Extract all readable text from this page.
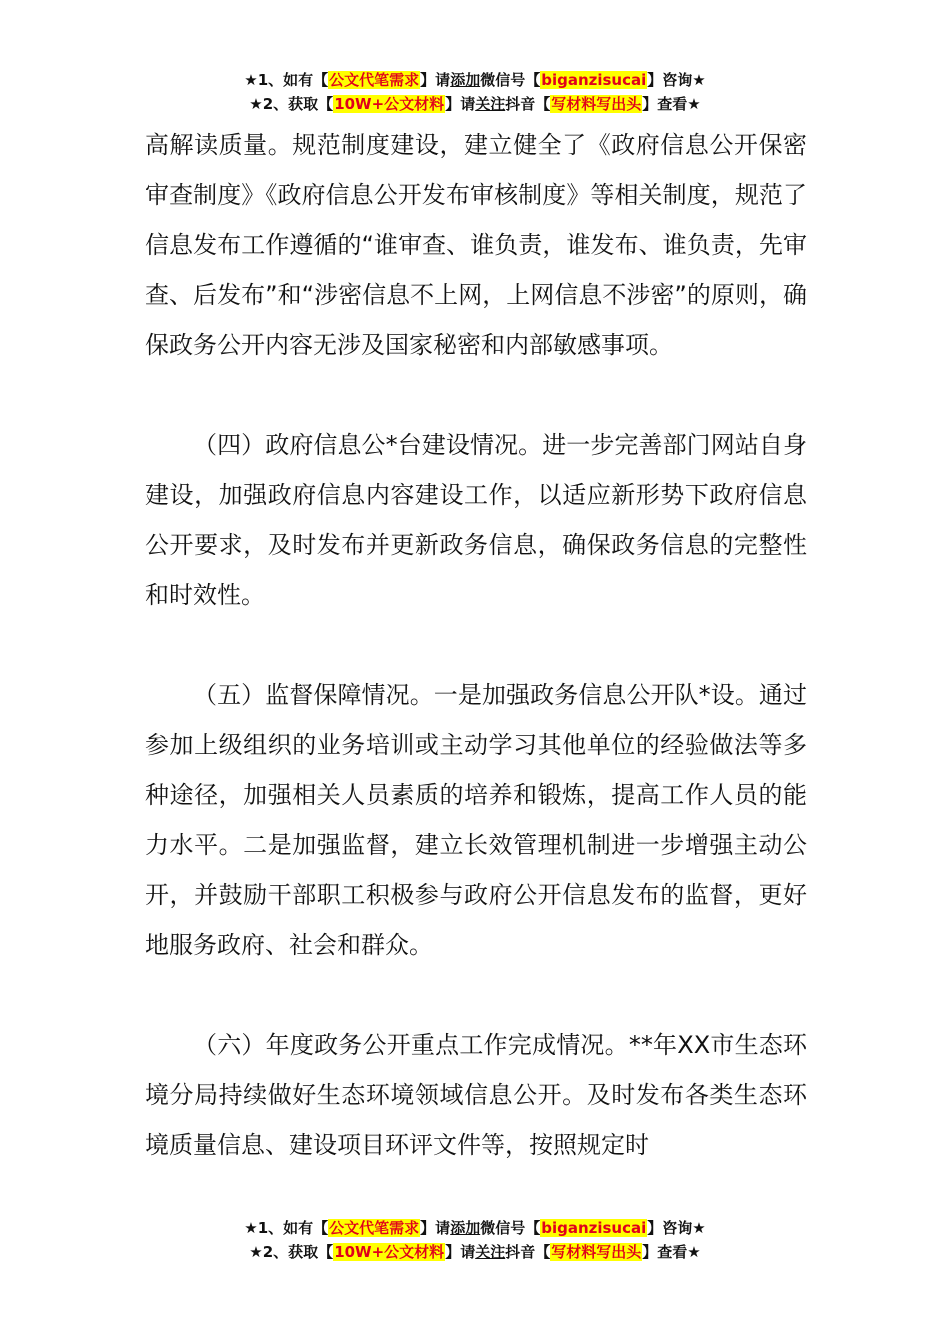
★1、如有【公文代笔需求】请添加微信号【biganzisucai】咨询★
★2、获取【10W+公文材料】请关注抖音【写材料写出头】查看★

高解读质量。规范制度建设，建立健全了《政府信息公开保密审查制度》《政府信息公开发布审核制度》等相关制度，规范了信息发布工作遵循的“谁审查、谁负责，谁发布、谁负责，先审查、后发布”和“涉密信息不上网，上网信息不涉密”的原则，确保政务公开内容无涉及国家秘密和内部敏感事项。

（四）政府信息公*台建设情况。进一步完善部门网站自身建设，加强政府信息内容建设工作，以适应新形势下政府信息公开要求，及时发布并更新政务信息，确保政务信息的完整性和时效性。

（五）监督保障情况。一是加强政务信息公开队*设。通过参加上级组织的业务培训或主动学习其他单位的经验做法等多种途径，加强相关人员素质的培养和锻炼，提高工作人员的能力水平。二是加强监督，建立长效管理机制进一步增强主动公开，并鼓励干部职工积极参与政府公开信息发布的监督，更好地服务政府、社会和群众。

（六）年度政务公开重点工作完成情况。**年XX市生态环境分局持续做好生态环境领域信息公开。及时发布各类生态环境质量信息、建设项目环评文件等，按照规定时

★1、如有【公文代笔需求】请添加微信号【biganzisucai】咨询★
★2、获取【10W+公文材料】请关注抖音【写材料写出头】查看★
